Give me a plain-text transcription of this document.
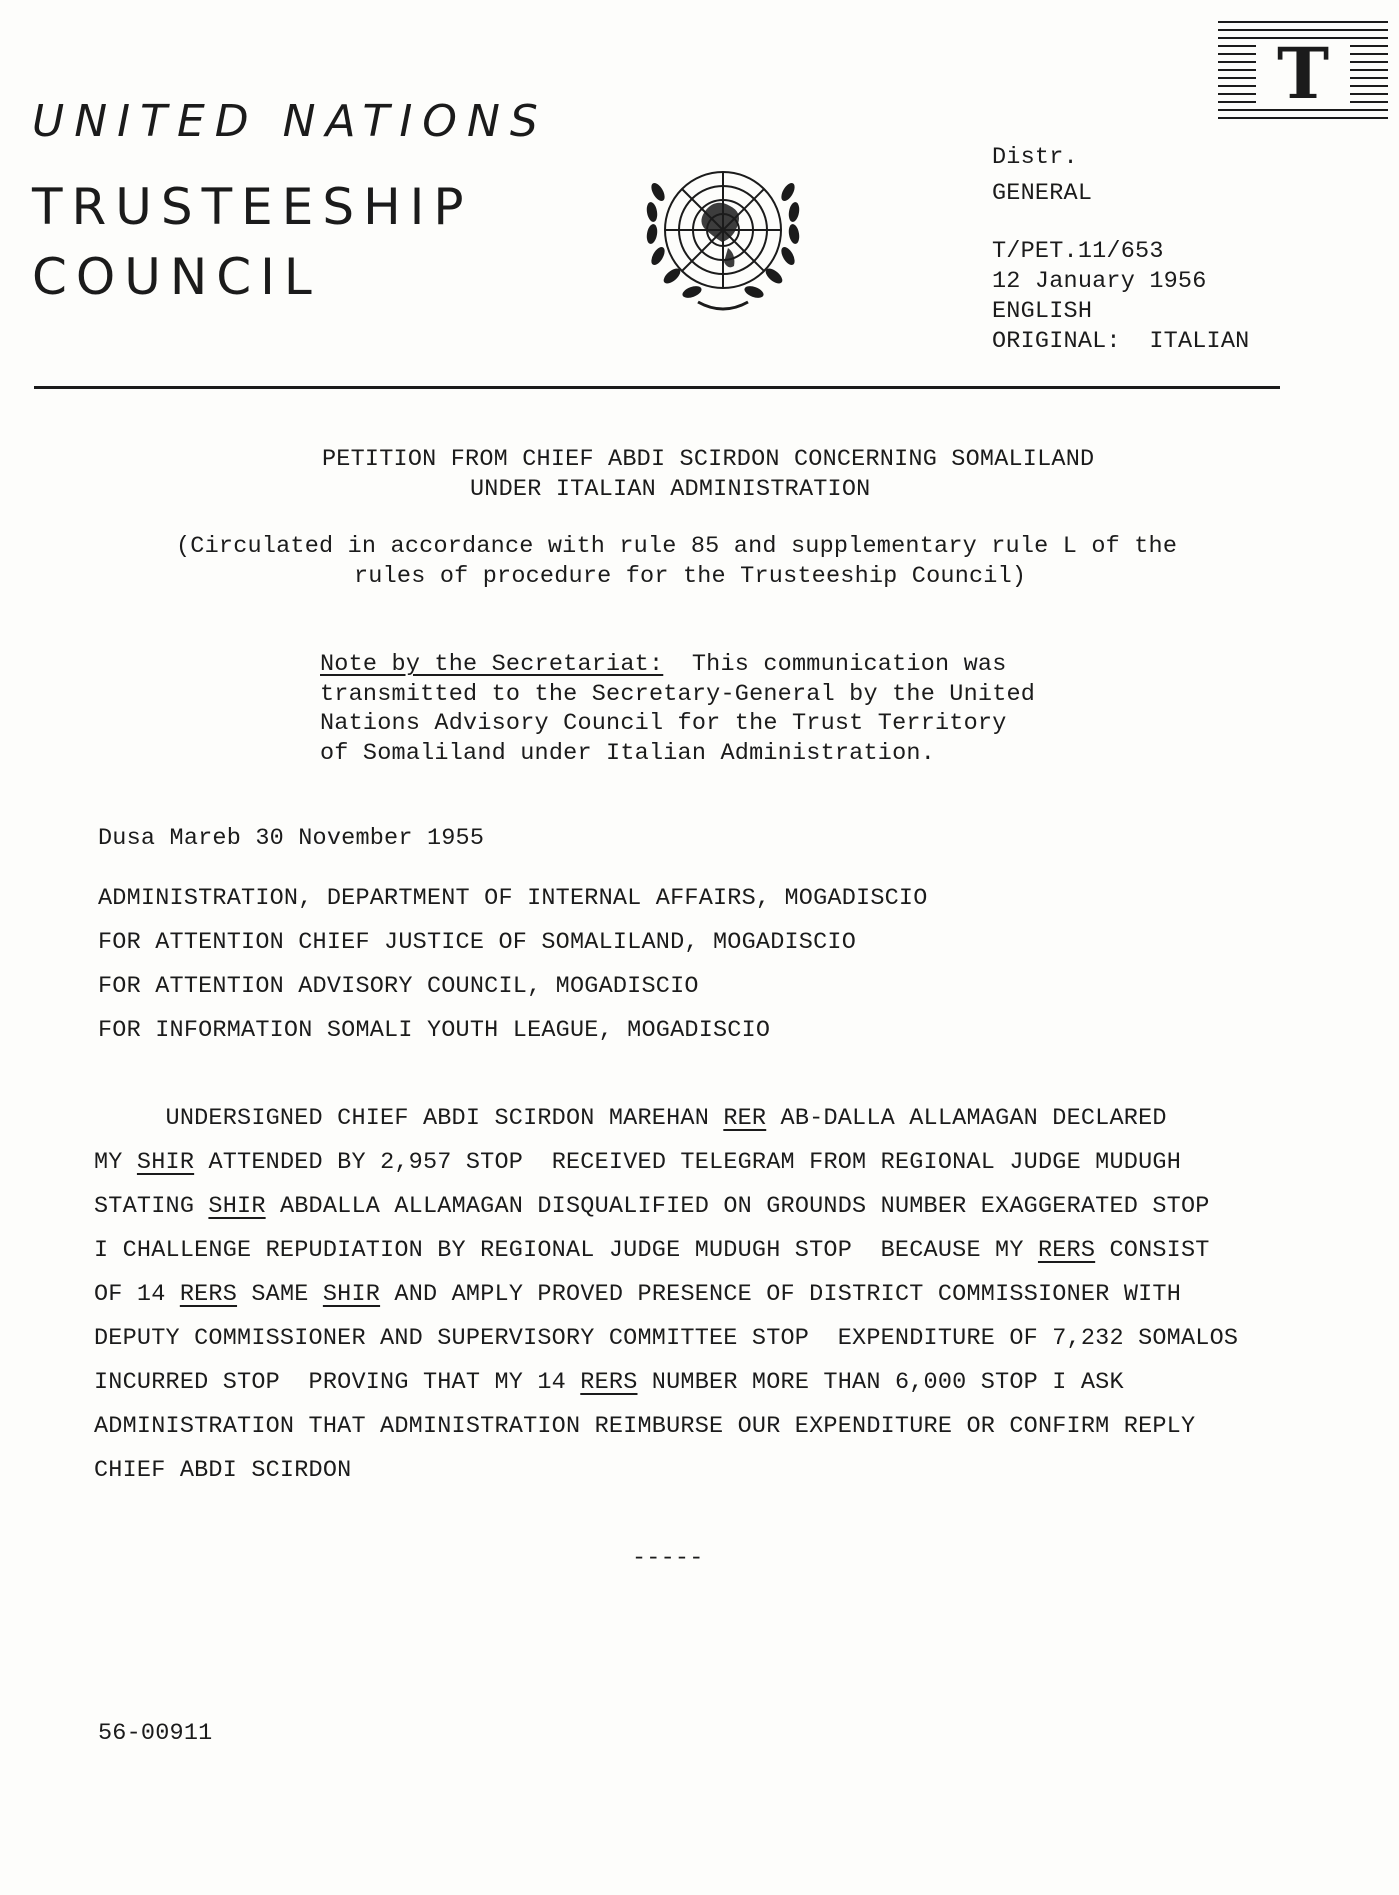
UNITED NATIONS
TRUSTEESHIP
COUNCIL
Distr.
GENERAL
T/PET.11/653
12 January 1956
ENGLISH
ORIGINAL: ITALIAN
T
PETITION FROM CHIEF ABDI SCIRDON CONCERNING SOMALILAND
UNDER ITALIAN ADMINISTRATION
(Circulated in accordance with rule 85 and supplementary rule L of the
rules of procedure for the Trusteeship Council)
Note by the Secretariat:  This communication was
transmitted to the Secretary-General by the United
Nations Advisory Council for the Trust Territory
of Somaliland under Italian Administration.
Dusa Mareb 30 November 1955
ADMINISTRATION, DEPARTMENT OF INTERNAL AFFAIRS, MOGADISCIO
FOR ATTENTION CHIEF JUSTICE OF SOMALILAND, MOGADISCIO
FOR ATTENTION ADVISORY COUNCIL, MOGADISCIO
FOR INFORMATION SOMALI YOUTH LEAGUE, MOGADISCIO
UNDERSIGNED CHIEF ABDI SCIRDON MAREHAN RER AB-DALLA ALLAMAGAN DECLARED
MY SHIR ATTENDED BY 2,957 STOP  RECEIVED TELEGRAM FROM REGIONAL JUDGE MUDUGH
STATING SHIR ABDALLA ALLAMAGAN DISQUALIFIED ON GROUNDS NUMBER EXAGGERATED STOP
I CHALLENGE REPUDIATION BY REGIONAL JUDGE MUDUGH STOP  BECAUSE MY RERS CONSIST
OF 14 RERS SAME SHIR AND AMPLY PROVED PRESENCE OF DISTRICT COMMISSIONER WITH
DEPUTY COMMISSIONER AND SUPERVISORY COMMITTEE STOP  EXPENDITURE OF 7,232 SOMALOS
INCURRED STOP  PROVING THAT MY 14 RERS NUMBER MORE THAN 6,000 STOP I ASK
ADMINISTRATION THAT ADMINISTRATION REIMBURSE OUR EXPENDITURE OR CONFIRM REPLY
CHIEF ABDI SCIRDON
-----
56-00911
